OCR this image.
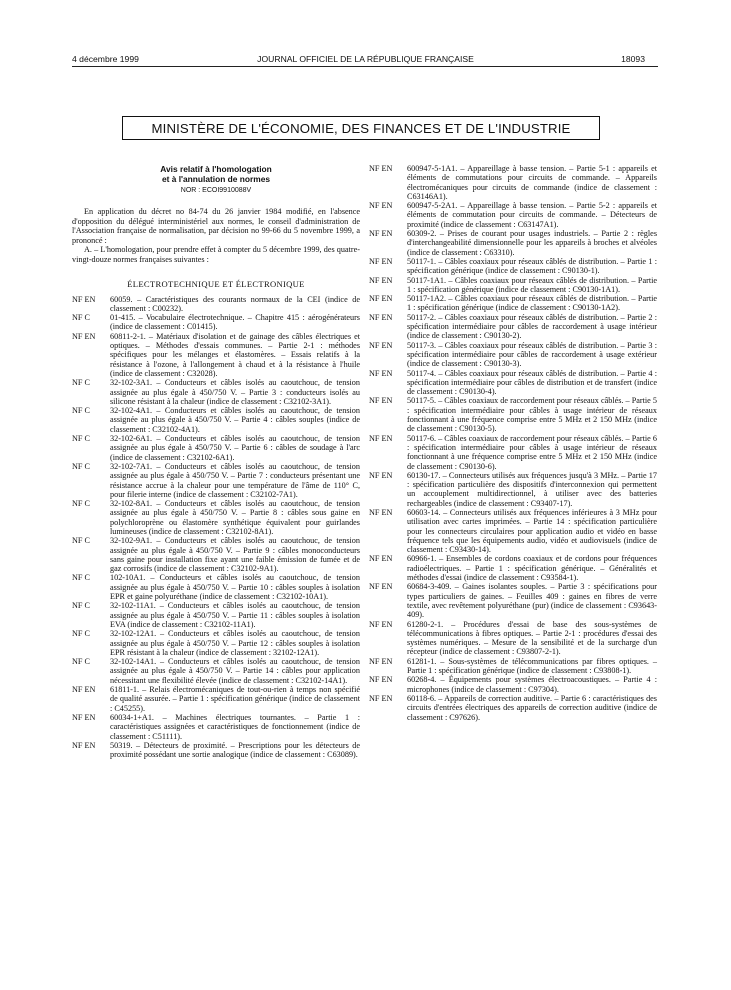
4 décembre 1999	JOURNAL OFFICIEL DE LA RÉPUBLIQUE FRANÇAISE	18093
MINISTÈRE DE L'ÉCONOMIE, DES FINANCES ET DE L'INDUSTRIE
Avis relatif à l'homologation
et à l'annulation de normes
NOR : ECOI9910088V

En application du décret no 84-74 du 26 janvier 1984 modifié, en l'absence d'opposition du délégué interministériel aux normes, le conseil d'administration de l'Association française de normalisation, par décision no 99-66 du 5 novembre 1999, a prononcé :

A. – L'homologation, pour prendre effet à compter du 5 décembre 1999, des quatre-vingt-douze normes françaises suivantes :

ÉLECTROTECHNIQUE ET ÉLECTRONIQUE
NF EN	60059. – Caractéristiques des courants normaux de la CEI (indice de classement : C00232).
NF C	01-415. – Vocabulaire électrotechnique. – Chapitre 415 : aérogénérateurs (indice de classement : C01415).
NF EN	60811-2-1. – Matériaux d'isolation et de gainage des câbles électriques et optiques. – Méthodes d'essais communes. – Partie 2-1 : méthodes spécifiques pour les mélanges et élastomères. – Essais relatifs à la résistance à l'ozone, à l'allongement à chaud et à la résistance à l'huile (indice de classement : C32028).
NF C	32-102-3A1. – Conducteurs et câbles isolés au caoutchouc, de tension assignée au plus égale à 450/750 V. – Partie 3 : conducteurs isolés au silicone résistant à la chaleur (indice de classement : C32102-3A1).
NF C	32-102-4A1. – Conducteurs et câbles isolés au caoutchouc, de tension assignée au plus égale à 450/750 V. – Partie 4 : câbles souples (indice de classement : C32102-4A1).
NF C	32-102-6A1. – Conducteurs et câbles isolés au caoutchouc, de tension assignée au plus égale à 450/750 V. – Partie 6 : câbles de soudage à l'arc (indice de classement : C32102-6A1).
NF C	32-102-7A1. – Conducteurs et câbles isolés au caoutchouc, de tension assignée au plus égale à 450/750 V. – Partie 7 : conducteurs présentant une résistance accrue à la chaleur pour une température de l'âme de 110° C, pour filerie interne (indice de classement : C32102-7A1).
NF C	32-102-8A1. – Conducteurs et câbles isolés au caoutchouc, de tension assignée au plus égale à 450/750 V. – Partie 8 : câbles sous gaine en polychloroprène ou élastomère synthétique équivalent pour guirlandes lumineuses (indice de classement : C32102-8A1).
NF C	32-102-9A1. – Conducteurs et câbles isolés au caoutchouc, de tension assignée au plus égale à 450/750 V. – Partie 9 : câbles monoconducteurs sans gaine pour installation fixe ayant une faible émission de fumée et de gaz corrosifs (indice de classement : C32102-9A1).
NF C	102-10A1. – Conducteurs et câbles isolés au caoutchouc, de tension assignée au plus égale à 450/750 V. – Partie 10 : câbles souples à isolation EPR et gaine polyuréthane (indice de classement : C32102-10A1).
NF C	32-102-11A1. – Conducteurs et câbles isolés au caoutchouc, de tension assignée au plus égale à 450/750 V. – Partie 11 : câbles souples à isolation EVA (indice de classement : C32102-11A1).
NF C	32-102-12A1. – Conducteurs et câbles isolés au caoutchouc, de tension assignée au plus égale à 450/750 V. – Partie 12 : câbles souples à isolation EPR résistant à la chaleur (indice de classement : 32102-12A1).
NF C	32-102-14A1. – Conducteurs et câbles isolés au caoutchouc, de tension assignée au plus égale à 450/750 V. – Partie 14 : câbles pour application nécessitant une flexibilité élevée (indice de classement : C32102-14A1).
NF EN	61811-1. – Relais électromécaniques de tout-ou-rien à temps non spécifié de qualité assurée. – Partie 1 : spécification générique (indice de classement : C45255).
NF EN	60034-1+A1. – Machines électriques tournantes. – Partie 1 : caractéristiques assignées et caractéristiques de fonctionnement (indice de classement : C51111).
NF EN	50319. – Détecteurs de proximité. – Prescriptions pour les détecteurs de proximité possédant une sortie analogique (indice de classement : C63089).
NF EN	600947-5-1A1. – Appareillage à basse tension. – Partie 5-1 : appareils et éléments de commutations pour circuits de commande. – Appareils électromécaniques pour circuits de commande (indice de classement : C63146A1).
NF EN	600947-5-2A1. – Appareillage à basse tension. – Partie 5-2 : appareils et éléments de commutation pour circuits de commande. – Détecteurs de proximité (indice de classement : C63147A1).
NF EN	60309-2. – Prises de courant pour usages industriels. – Partie 2 : règles d'interchangeabilité dimensionnelle pour les appareils à broches et alvéoles (indice de classement : C63310).
NF EN	50117-1. – Câbles coaxiaux pour réseaux câblés de distribution. – Partie 1 : spécification générique (indice de classement : C90130-1).
NF EN	50117-1A1. – Câbles coaxiaux pour réseaux câblés de distribution. – Partie 1 : spécification générique (indice de classement : C90130-1A1).
NF EN	50117-1A2. – Câbles coaxiaux pour réseaux câblés de distribution. – Partie 1 : spécification générique (indice de classement : C90130-1A2).
NF EN	50117-2. – Câbles coaxiaux pour réseaux câblés de distribution. – Partie 2 : spécification intermédiaire pour câbles de raccordement à usage intérieur (indice de classement : C90130-2).
NF EN	50117-3. – Câbles coaxiaux pour réseaux câblés de distribution. – Partie 3 : spécification intermédiaire pour câbles de raccordement à usage extérieur (indice de classement : C90130-3).
NF EN	50117-4. – Câbles coaxiaux pour réseaux câblés de distribution. – Partie 4 : spécification intermédiaire pour câbles de distribution et de transfert (indice de classement : C90130-4).
NF EN	50117-5. – Câbles coaxiaux de raccordement pour réseaux câblés. – Partie 5 : spécification intermédiaire pour câbles à usage intérieur de réseaux fonctionnant à une fréquence comprise entre 5 MHz et 2 150 MHz (indice de classement : C90130-5).
NF EN	50117-6. – Câbles coaxiaux de raccordement pour réseaux câblés. – Partie 6 : spécification intermédiaire pour câbles à usage intérieur de réseaux fonctionnant à une fréquence comprise entre 5 MHz et 2 150 MHz (indice de classement : C90130-6).
NF EN	60130-17. – Connecteurs utilisés aux fréquences jusqu'à 3 MHz. – Partie 17 : spécification particulière des dispositifs d'interconnexion qui permettent un accouplement multidirectionnel, à utiliser avec des batteries rechargeables (indice de classement : C93407-17).
NF EN	60603-14. – Connecteurs utilisés aux fréquences inférieures à 3 MHz pour utilisation avec cartes imprimées. – Partie 14 : spécification particulière pour les connecteurs circulaires pour application audio et vidéo en basse fréquence tels que les équipements audio, vidéo et audiovisuels (indice de classement : C93430-14).
NF EN	60966-1. – Ensembles de cordons coaxiaux et de cordons pour fréquences radioélectriques. – Partie 1 : spécification générique. – Généralités et méthodes d'essai (indice de classement : C93584-1).
NF EN	60684-3-409. – Gaines isolantes souples. – Partie 3 : spécifications pour types particuliers de gaines. – Feuilles 409 : gaines en fibres de verre textile, avec revêtement polyuréthane (pur) (indice de classement : C93643-409).
NF EN	61280-2-1. – Procédures d'essai de base des sous-systèmes de télécommunications à fibres optiques. – Partie 2-1 : procédures d'essai des systèmes numériques. – Mesure de la sensibilité et de la surcharge d'un récepteur (indice de classement : C93807-2-1).
NF EN	61281-1. – Sous-systèmes de télécommunications par fibres optiques. – Partie 1 : spécification générique (indice de classement : C93808-1).
NF EN	60268-4. – Équipements pour systèmes électroacoustiques. – Partie 4 : microphones (indice de classement : C97304).
NF EN	60118-6. – Appareils de correction auditive. – Partie 6 : caractéristiques des circuits d'entrées électriques des appareils de correction auditive (indice de classement : C97626).
